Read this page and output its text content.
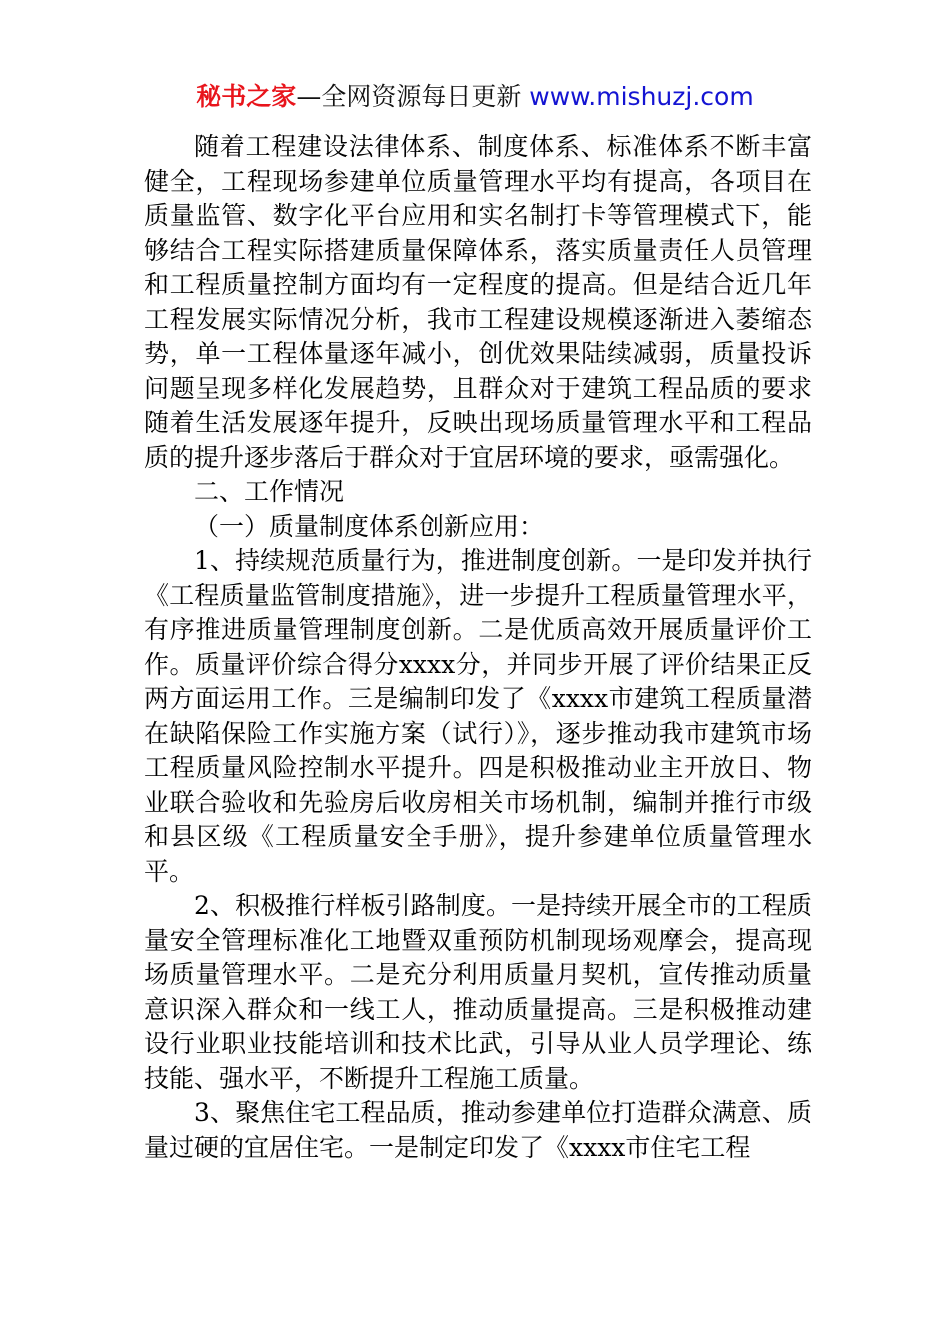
秘书之家—全网资源每日更新 www.mishuzj.com

随着工程建设法律体系、制度体系、标准体系不断丰富健全，工程现场参建单位质量管理水平均有提高，各项目在质量监管、数字化平台应用和实名制打卡等管理模式下，能够结合工程实际搭建质量保障体系，落实质量责任人员管理和工程质量控制方面均有一定程度的提高。但是结合近几年工程发展实际情况分析，我市工程建设规模逐渐进入萎缩态势，单一工程体量逐年减小，创优效果陆续减弱，质量投诉问题呈现多样化发展趋势，且群众对于建筑工程品质的要求随着生活发展逐年提升，反映出现场质量管理水平和工程品质的提升逐步落后于群众对于宜居环境的要求，亟需强化。

二、工作情况

（一）质量制度体系创新应用：

1、持续规范质量行为，推进制度创新。一是印发并执行《工程质量监管制度措施》，进一步提升工程质量管理水平，有序推进质量管理制度创新。二是优质高效开展质量评价工作。质量评价综合得分xxxx分，并同步开展了评价结果正反两方面运用工作。三是编制印发了《xxxx市建筑工程质量潜在缺陷保险工作实施方案（试行）》，逐步推动我市建筑市场工程质量风险控制水平提升。四是积极推动业主开放日、物业联合验收和先验房后收房相关市场机制，编制并推行市级和县区级《工程质量安全手册》，提升参建单位质量管理水平。

2、积极推行样板引路制度。一是持续开展全市的工程质量安全管理标准化工地暨双重预防机制现场观摩会，提高现场质量管理水平。二是充分利用质量月契机，宣传推动质量意识深入群众和一线工人，推动质量提高。三是积极推动建设行业职业技能培训和技术比武，引导从业人员学理论、练技能、强水平，不断提升工程施工质量。

3、聚焦住宅工程品质，推动参建单位打造群众满意、质量过硬的宜居住宅。一是制定印发了《xxxx市住宅工程
